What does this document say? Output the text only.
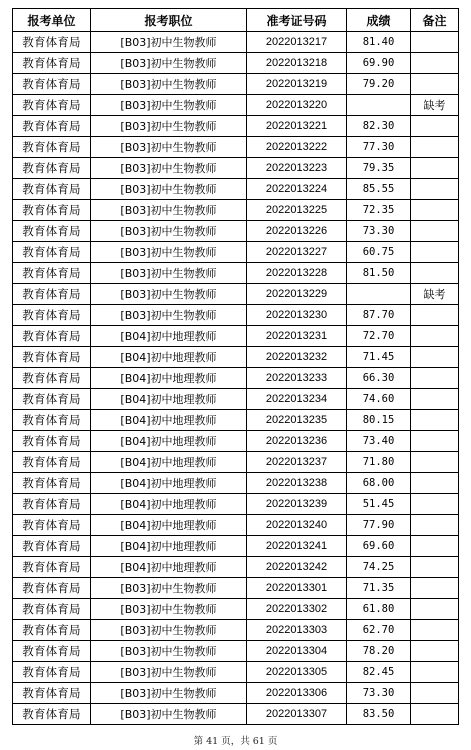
报考单位	报考职位	准考证号码	成绩	备注
教育体育局	[B03]初中生物教师	2022013217	81.40	
教育体育局	[B03]初中生物教师	2022013218	69.90	
教育体育局	[B03]初中生物教师	2022013219	79.20	
教育体育局	[B03]初中生物教师	2022013220		缺考
教育体育局	[B03]初中生物教师	2022013221	82.30	
教育体育局	[B03]初中生物教师	2022013222	77.30	
教育体育局	[B03]初中生物教师	2022013223	79.35	
教育体育局	[B03]初中生物教师	2022013224	85.55	
教育体育局	[B03]初中生物教师	2022013225	72.35	
教育体育局	[B03]初中生物教师	2022013226	73.30	
教育体育局	[B03]初中生物教师	2022013227	60.75	
教育体育局	[B03]初中生物教师	2022013228	81.50	
教育体育局	[B03]初中生物教师	2022013229		缺考
教育体育局	[B03]初中生物教师	2022013230	87.70	
教育体育局	[B04]初中地理教师	2022013231	72.70	
教育体育局	[B04]初中地理教师	2022013232	71.45	
教育体育局	[B04]初中地理教师	2022013233	66.30	
教育体育局	[B04]初中地理教师	2022013234	74.60	
教育体育局	[B04]初中地理教师	2022013235	80.15	
教育体育局	[B04]初中地理教师	2022013236	73.40	
教育体育局	[B04]初中地理教师	2022013237	71.80	
教育体育局	[B04]初中地理教师	2022013238	68.00	
教育体育局	[B04]初中地理教师	2022013239	51.45	
教育体育局	[B04]初中地理教师	2022013240	77.90	
教育体育局	[B04]初中地理教师	2022013241	69.60	
教育体育局	[B04]初中地理教师	2022013242	74.25	
教育体育局	[B03]初中生物教师	2022013301	71.35	
教育体育局	[B03]初中生物教师	2022013302	61.80	
教育体育局	[B03]初中生物教师	2022013303	62.70	
教育体育局	[B03]初中生物教师	2022013304	78.20	
教育体育局	[B03]初中生物教师	2022013305	82.45	
教育体育局	[B03]初中生物教师	2022013306	73.30	
教育体育局	[B03]初中生物教师	2022013307	83.50	
第 41 页，共 61 页
